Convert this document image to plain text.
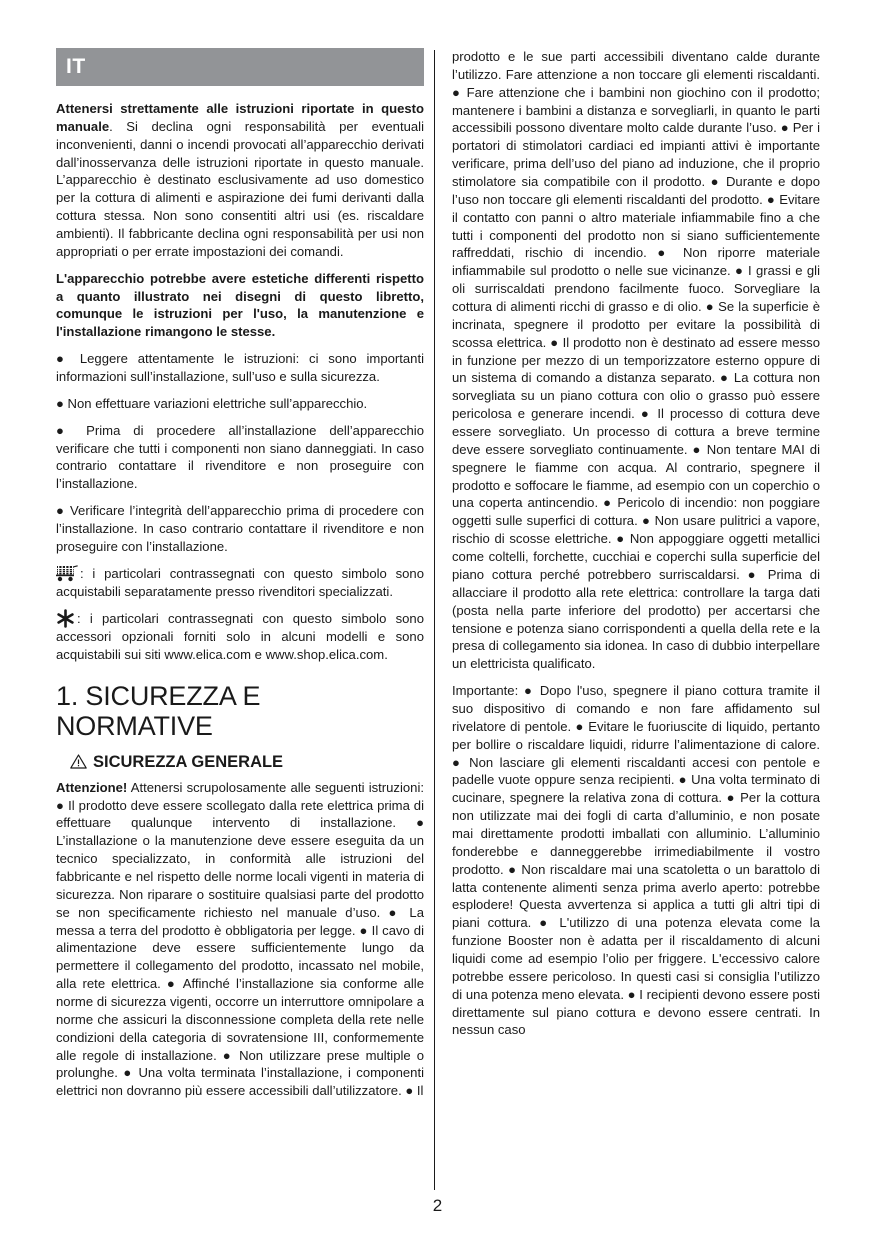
IT

Attenersi strettamente alle istruzioni riportate in questo manuale. Si declina ogni responsabilità per eventuali inconvenienti, danni o incendi provocati all’apparecchio derivati dall’inosservanza delle istruzioni riportate in questo manuale. L’apparecchio è destinato esclusivamente ad uso domestico per la cottura di alimenti e aspirazione dei fumi derivanti dalla cottura stessa. Non sono consentiti altri usi (es. riscaldare ambienti). Il fabbricante declina ogni responsabilità per usi non appropriati o per errate impostazioni dei comandi.

L'apparecchio potrebbe avere estetiche differenti rispetto a quanto illustrato nei disegni di questo libretto, comunque le istruzioni per l'uso, la manutenzione e l'installazione rimangono le stesse.

● Leggere attentamente le istruzioni: ci sono importanti informazioni sull’installazione, sull’uso e sulla sicurezza.

● Non effettuare variazioni elettriche sull’apparecchio.

● Prima di procedere all’installazione dell’apparecchio verificare che tutti i componenti non siano danneggiati. In caso contrario contattare il rivenditore e non proseguire con l’installazione.

● Verificare l’integrità dell’apparecchio prima di procedere con l’installazione. In caso contrario contattare il rivenditore e non proseguire con l’installazione.

: i particolari contrassegnati con questo simbolo sono acquistabili separatamente presso rivenditori specializzati.

: i particolari contrassegnati con questo simbolo sono accessori opzionali forniti solo in alcuni modelli e sono acquistabili sui siti www.elica.com e www.shop.elica.com.

1. SICUREZZA E NORMATIVE
SICUREZZA GENERALE

Attenzione! Attenersi scrupolosamente alle seguenti istruzioni: ● Il prodotto deve essere scollegato dalla rete elettrica prima di effettuare qualunque intervento di installazione. ● L’installazione o la manutenzione deve essere eseguita da un tecnico specializzato, in conformità alle istruzioni del fabbricante e nel rispetto delle norme locali vigenti in materia di sicurezza. Non riparare o sostituire qualsiasi parte del prodotto se non specificamente richiesto nel manuale d’uso. ● La messa a terra del prodotto è obbligatoria per legge. ● Il cavo di alimentazione deve essere sufficientemente lungo da permettere il collegamento del prodotto, incassato nel mobile, alla rete elettrica. ● Affinché l’installazione sia conforme alle norme di sicurezza vigenti, occorre un interruttore omnipolare a norme che assicuri la disconnessione completa della rete nelle condizioni della categoria di sovratensione III, conformemente alle regole di installazione. ● Non utilizzare prese multiple o prolunghe. ● Una volta terminata l’installazione, i componenti elettrici non dovranno più essere accessibili dall’utilizzatore. ● Il

prodotto e le sue parti accessibili diventano calde durante l’utilizzo. Fare attenzione a non toccare gli elementi riscaldanti. ● Fare attenzione che i bambini non giochino con il prodotto; mantenere i bambini a distanza e sorvegliarli, in quanto le parti accessibili possono diventare molto calde durante l’uso. ● Per i portatori di stimolatori cardiaci ed impianti attivi è importante verificare, prima dell’uso del piano ad induzione, che il proprio stimolatore sia compatibile con il prodotto. ● Durante e dopo l’uso non toccare gli elementi riscaldanti del prodotto. ● Evitare il contatto con panni o altro materiale infiammabile fino a che tutti i componenti del prodotto non si siano sufficientemente raffreddati, rischio di incendio. ● Non riporre materiale infiammabile sul prodotto o nelle sue vicinanze. ● I grassi e gli oli surriscaldati prendono facilmente fuoco. Sorvegliare la cottura di alimenti ricchi di grasso e di olio. ● Se la superficie è incrinata, spegnere il prodotto per evitare la possibilità di scossa elettrica. ● Il prodotto non è destinato ad essere messo in funzione per mezzo di un temporizzatore esterno oppure di un sistema di comando a distanza separato. ● La cottura non sorvegliata su un piano cottura con olio o grasso può essere pericolosa e generare incendi. ● Il processo di cottura deve essere sorvegliato. Un processo di cottura a breve termine deve essere sorvegliato continuamente. ● Non tentare MAI di spegnere le fiamme con acqua. Al contrario, spegnere il prodotto e soffocare le fiamme, ad esempio con un coperchio o una coperta antincendio. ● Pericolo di incendio: non poggiare oggetti sulle superfici di cottura. ● Non usare pulitrici a vapore, rischio di scosse elettriche. ● Non appoggiare oggetti metallici come coltelli, forchette, cucchiai e coperchi sulla superficie del piano cottura perché potrebbero surriscaldarsi. ● Prima di allacciare il prodotto alla rete elettrica: controllare la targa dati (posta nella parte inferiore del prodotto) per accertarsi che tensione e potenza siano corrispondenti a quella della rete e la presa di collegamento sia idonea. In caso di dubbio interpellare un elettricista qualificato.

Importante: ● Dopo l'uso, spegnere il piano cottura tramite il suo dispositivo di comando e non fare affidamento sul rivelatore di pentole. ● Evitare le fuoriuscite di liquido, pertanto per bollire o riscaldare liquidi, ridurre l’alimentazione di calore. ● Non lasciare gli elementi riscaldanti accesi con pentole e padelle vuote oppure senza recipienti. ● Una volta terminato di cucinare, spegnere la relativa zona di cottura. ● Per la cottura non utilizzate mai dei fogli di carta d’alluminio, e non posate mai direttamente prodotti imballati con alluminio. L’alluminio fonderebbe e danneggerebbe irrimediabilmente il vostro prodotto. ● Non riscaldare mai una scatoletta o un barattolo di latta contenente alimenti senza prima averlo aperto: potrebbe esplodere! Questa avvertenza si applica a tutti gli altri tipi di piani cottura. ● L'utilizzo di una potenza elevata come la funzione Booster non è adatta per il riscaldamento di alcuni liquidi come ad esempio l’olio per friggere. L'eccessivo calore potrebbe essere pericoloso. In questi casi si consiglia l’utilizzo di una potenza meno elevata. ● I recipienti devono essere posti direttamente sul piano cottura e devono essere centrati. In nessun caso

2
